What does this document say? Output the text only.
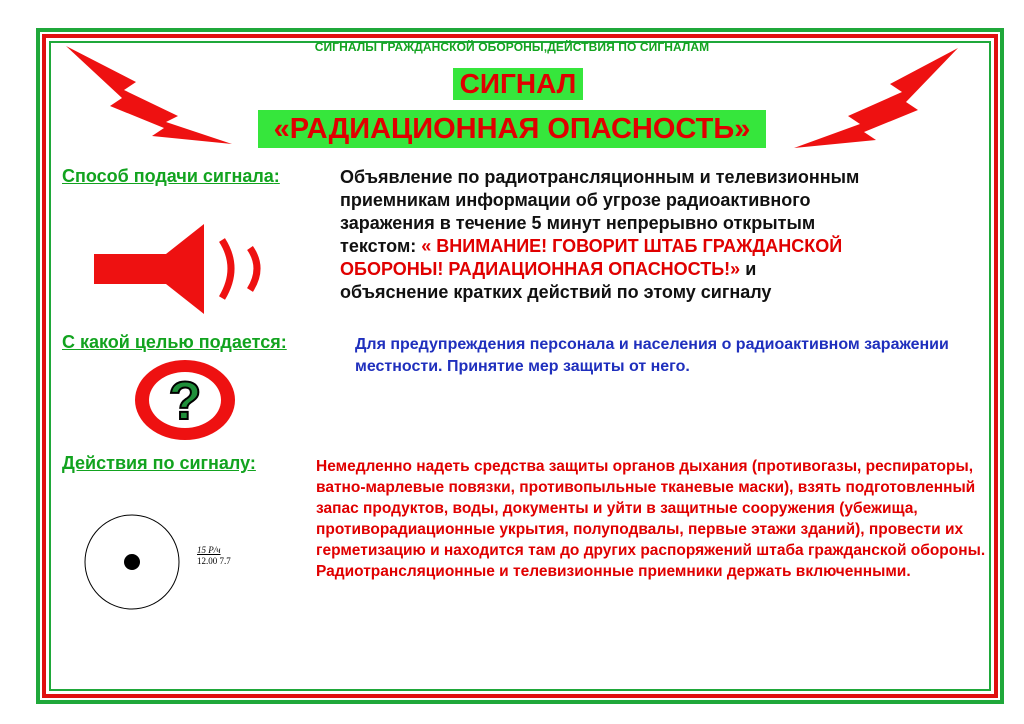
СИГНАЛЫ ГРАЖДАНСКОЙ ОБОРОНЫ,ДЕЙСТВИЯ ПО СИГНАЛАМ
СИГНАЛ
«РАДИАЦИОННАЯ ОПАСНОСТЬ»
Способ подачи сигнала:	Объявление по радиотрансляционным и телевизионным
приемникам информации об угрозе радиоактивного
заражения в течение 5 минут непрерывно открытым
текстом: « ВНИМАНИЕ! ГОВОРИТ ШТАБ ГРАЖДАНСКОЙ
ОБОРОНЫ! РАДИАЦИОННАЯ ОПАСНОСТЬ!» и
объяснение кратких действий по этому сигналу
С какой целью подается:
?
Для предупреждения персонала и населения о радиоактивном заражении местности. Принятие мер защиты от него.
Действия по сигналу:
15 Р/ч
12.00 7.7
Немедленно надеть средства защиты органов дыхания (противогазы, респираторы, ватно-марлевые повязки, противопыльные тканевые маски), взять подготовленный запас продуктов, воды, документы и уйти в защитные сооружения (убежища, противорадиационные укрытия, полуподвалы, первые этажи зданий), провести их герметизацию и находится там до других распоряжений штаба гражданской обороны. Радиотрансляционные и телевизионные приемники держать включенными.
